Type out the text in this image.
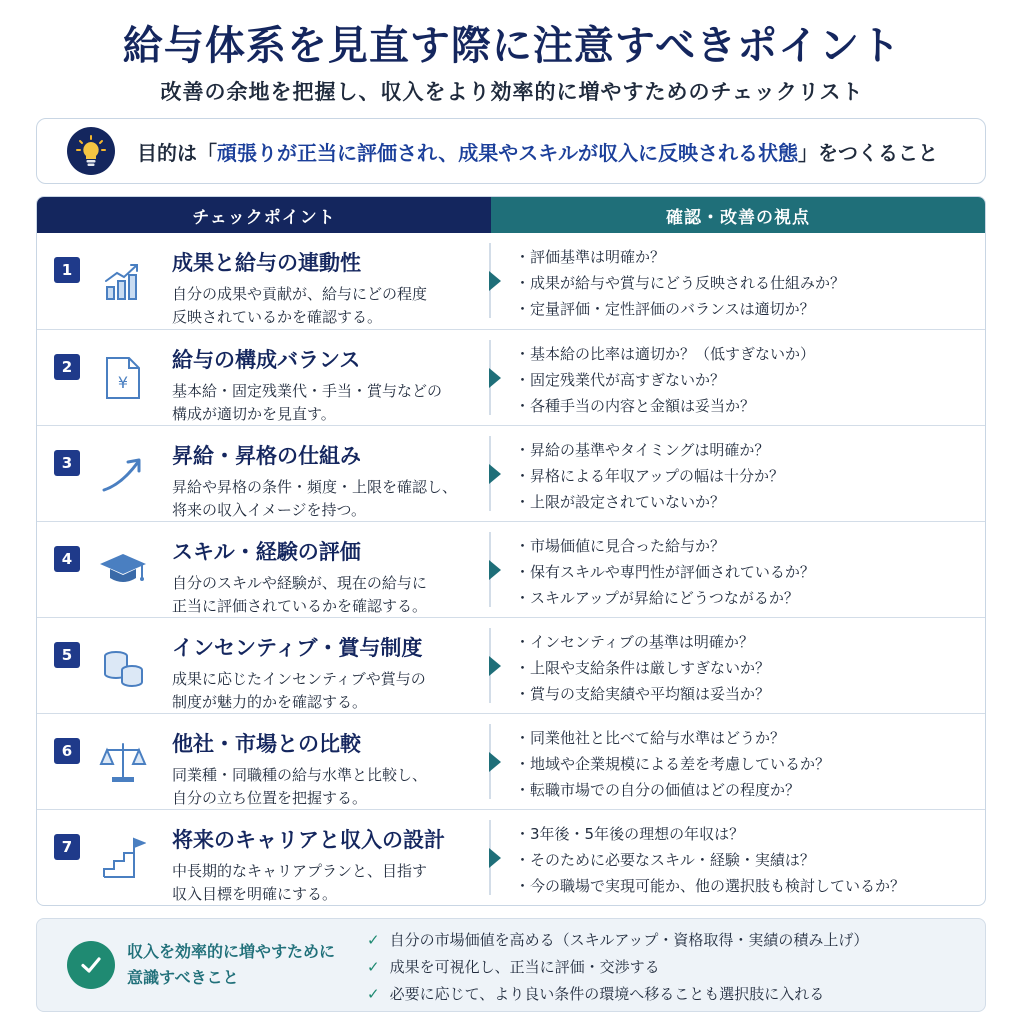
給与体系を見直す際に注意すべきポイント
改善の余地を把握し、収入をより効率的に増やすためのチェックリスト
目的は「頑張りが正当に評価され、成果やスキルが収入に反映される状態」をつくること
チェックポイント	確認・改善の視点
1	成果と給与の連動性
自分の成果や貢献が、給与にどの程度
反映されているかを確認する。
・ 評価基準は明確か？
・ 成果が給与や賞与にどう反映される仕組みか？
・ 定量評価・定性評価のバランスは適切か？
2
¥
給与の構成バランス
基本給・固定残業代・手当・賞与などの
構成が適切かを見直す。
・ 基本給の比率は適切か？（低すぎないか）
・ 固定残業代が高すぎないか？
・ 各種手当の内容と金額は妥当か？
3	昇給・昇格の仕組み
昇給や昇格の条件・頻度・上限を確認し、
将来の収入イメージを持つ。
・ 昇給の基準やタイミングは明確か？
・ 昇格による年収アップの幅は十分か？
・ 上限が設定されていないか？
4	スキル・経験の評価
自分のスキルや経験が、現在の給与に
正当に評価されているかを確認する。
・ 市場価値に見合った給与か？
・ 保有スキルや専門性が評価されているか？
・ スキルアップが昇給にどうつながるか？
5	インセンティブ・賞与制度
成果に応じたインセンティブや賞与の
制度が魅力的かを確認する。
・ インセンティブの基準は明確か？
・ 上限や支給条件は厳しすぎないか？
・ 賞与の支給実績や平均額は妥当か？
6	他社・市場との比較
同業種・同職種の給与水準と比較し、
自分の立ち位置を把握する。
・ 同業他社と比べて給与水準はどうか？
・ 地域や企業規模による差を考慮しているか？
・ 転職市場での自分の価値はどの程度か？
7	将来のキャリアと収入の設計
中長期的なキャリアプランと、目指す
収入目標を明確にする。
・ 3年後・5年後の理想の年収は？
・ そのために必要なスキル・経験・実績は？
・ 今の職場で実現可能か、他の選択肢も検討しているか？
収入を効率的に増やすために
意識すべきこと
✓ 自分の市場価値を高める（スキルアップ・資格取得・実績の積み上げ）
✓ 成果を可視化し、正当に評価・交渉する
✓ 必要に応じて、より良い条件の環境へ移ることも選択肢に入れる
